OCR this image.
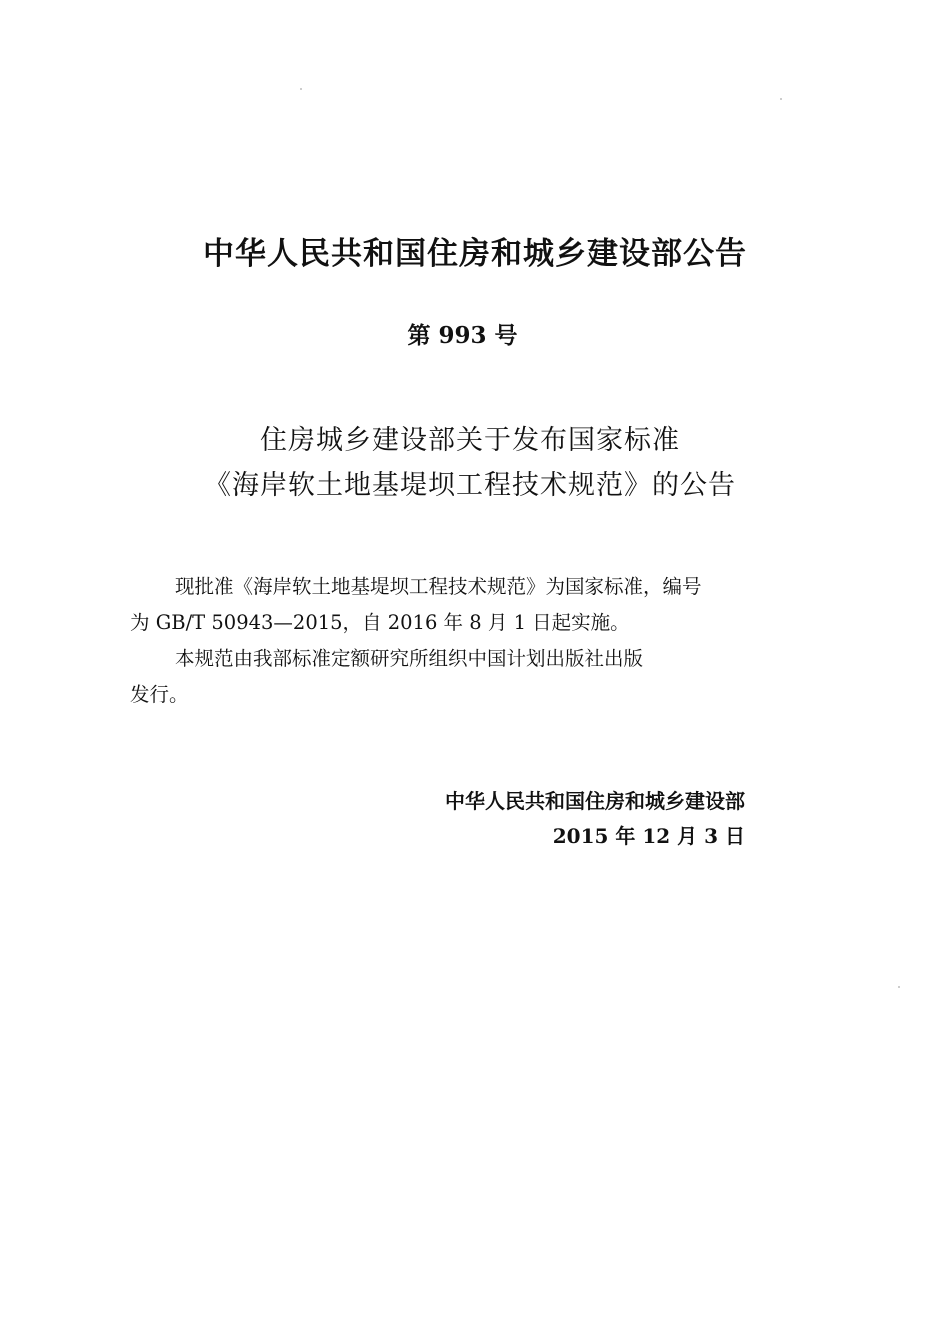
中华人民共和国住房和城乡建设部公告
第 993 号
住房城乡建设部关于发布国家标准
《海岸软土地基堤坝工程技术规范》的公告
现批准《海岸软土地基堤坝工程技术规范》为国家标准，编号
为 GB/T 50943—2015，自 2016 年 8 月 1 日起实施。
本规范由我部标准定额研究所组织中国计划出版社出版
发行。
中华人民共和国住房和城乡建设部
2015 年 12 月 3 日
